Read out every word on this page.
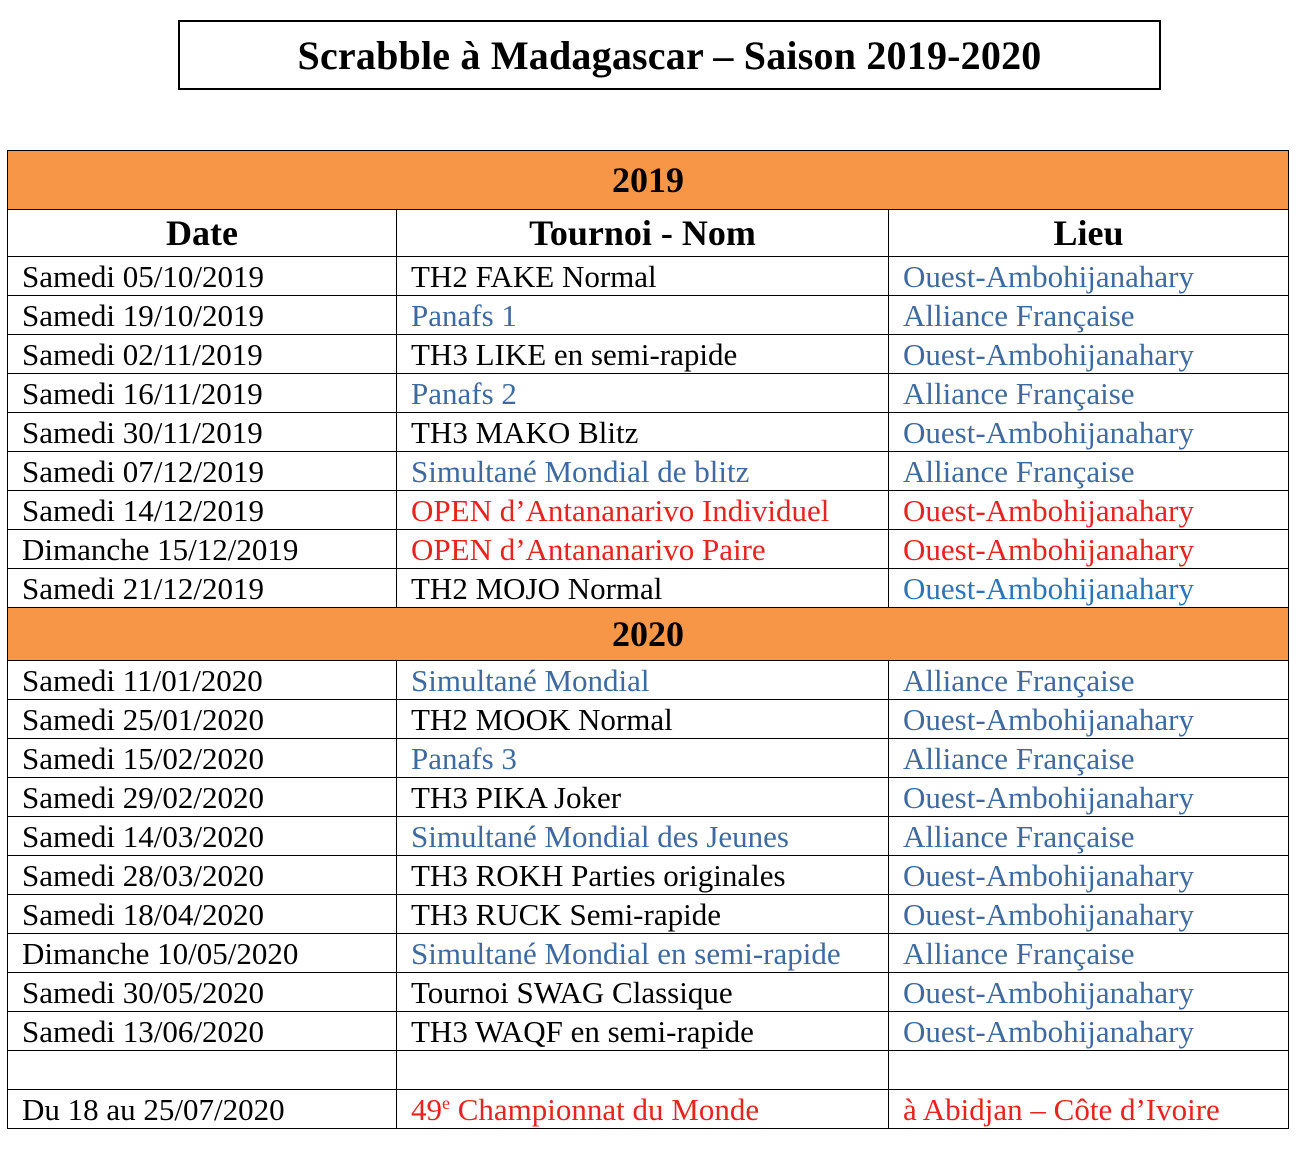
Scrabble à Madagascar – Saison 2019-2020
2019		
Date	Tournoi - Nom	Lieu
Samedi 05/10/2019	TH2 FAKE Normal	Ouest-Ambohijanahary
Samedi 19/10/2019	Panafs 1	Alliance Française
Samedi 02/11/2019	TH3 LIKE en semi-rapide	Ouest-Ambohijanahary
Samedi 16/11/2019	Panafs 2	Alliance Française
Samedi 30/11/2019	TH3 MAKO Blitz	Ouest-Ambohijanahary
Samedi 07/12/2019	Simultané Mondial de blitz	Alliance Française
Samedi 14/12/2019	OPEN d’Antananarivo Individuel	Ouest-Ambohijanahary
Dimanche 15/12/2019	OPEN d’Antananarivo Paire	Ouest-Ambohijanahary
Samedi 21/12/2019	TH2 MOJO Normal	Ouest-Ambohijanahary
2020		
Samedi 11/01/2020	Simultané Mondial	Alliance Française
Samedi 25/01/2020	TH2 MOOK Normal	Ouest-Ambohijanahary
Samedi 15/02/2020	Panafs 3	Alliance Française
Samedi 29/02/2020	TH3 PIKA Joker	Ouest-Ambohijanahary
Samedi 14/03/2020	Simultané Mondial des Jeunes	Alliance Française
Samedi 28/03/2020	TH3 ROKH Parties originales	Ouest-Ambohijanahary
Samedi 18/04/2020	TH3 RUCK Semi-rapide	Ouest-Ambohijanahary
Dimanche 10/05/2020	Simultané Mondial en semi-rapide	Alliance Française
Samedi 30/05/2020	Tournoi SWAG Classique	Ouest-Ambohijanahary
Samedi 13/06/2020	TH3 WAQF en semi-rapide	Ouest-Ambohijanahary

Du 18 au 25/07/2020	49e Championnat du Monde	à Abidjan – Côte d’Ivoire
